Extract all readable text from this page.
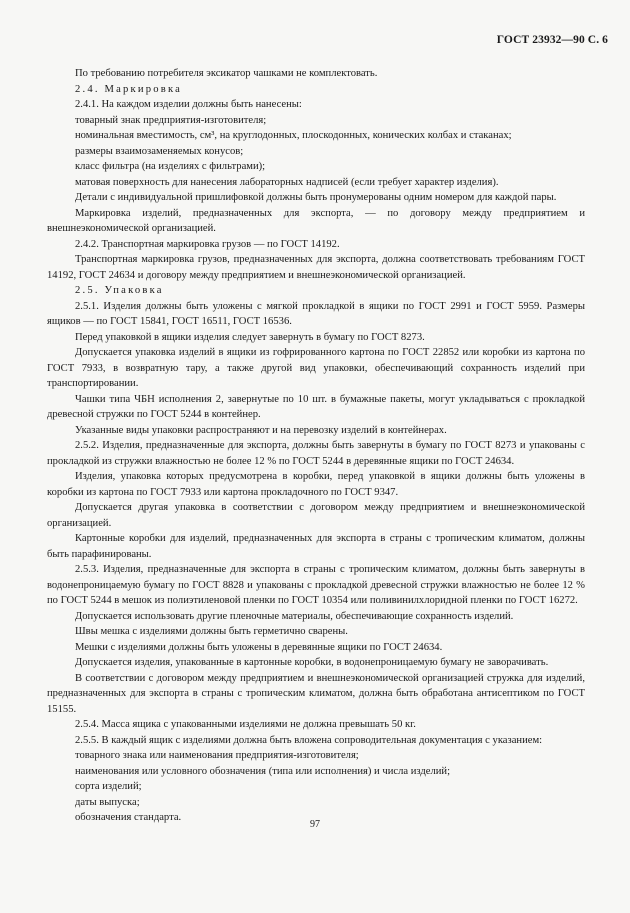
ГОСТ 23932—90 С. 6

По требованию потребителя эксикатор чашками не комплектовать.

2.4. Маркировка

2.4.1. На каждом изделии должны быть нанесены:

товарный знак предприятия-изготовителя;

номинальная вместимость, см³, на круглодонных, плоскодонных, конических колбах и стаканах;

размеры взаимозаменяемых конусов;

класс фильтра (на изделиях с фильтрами);

матовая поверхность для нанесения лабораторных надписей (если требует характер изделия).

Детали с индивидуальной пришлифовкой должны быть пронумерованы одним номером для каждой пары.

Маркировка изделий, предназначенных для экспорта, — по договору между предприятием и внешнеэкономической организацией.

2.4.2. Транспортная маркировка грузов — по ГОСТ 14192.

Транспортная маркировка грузов, предназначенных для экспорта, должна соответствовать требованиям ГОСТ 14192, ГОСТ 24634 и договору между предприятием и внешнеэкономической организацией.

2.5. Упаковка

2.5.1. Изделия должны быть уложены с мягкой прокладкой в ящики по ГОСТ 2991 и ГОСТ 5959. Размеры ящиков — по ГОСТ 15841, ГОСТ 16511, ГОСТ 16536.

Перед упаковкой в ящики изделия следует завернуть в бумагу по ГОСТ 8273.

Допускается упаковка изделий в ящики из гофрированного картона по ГОСТ 22852 или коробки из картона по ГОСТ 7933, в возвратную тару, а также другой вид упаковки, обеспечивающий сохранность изделий при транспортировании.

Чашки типа ЧБН исполнения 2, завернутые по 10 шт. в бумажные пакеты, могут укладываться с прокладкой древесной стружки по ГОСТ 5244 в контейнер.

Указанные виды упаковки распространяют и на перевозку изделий в контейнерах.

2.5.2. Изделия, предназначенные для экспорта, должны быть завернуты в бумагу по ГОСТ 8273 и упакованы с прокладкой из стружки влажностью не более 12 % по ГОСТ 5244 в деревянные ящики по ГОСТ 24634.

Изделия, упаковка которых предусмотрена в коробки, перед упаковкой в ящики должны быть уложены в коробки из картона по ГОСТ 7933 или картона прокладочного по ГОСТ 9347.

Допускается другая упаковка в соответствии с договором между предприятием и внешнеэкономической организацией.

Картонные коробки для изделий, предназначенных для экспорта в страны с тропическим климатом, должны быть парафинированы.

2.5.3. Изделия, предназначенные для экспорта в страны с тропическим климатом, должны быть завернуты в водонепроницаемую бумагу по ГОСТ 8828 и упакованы с прокладкой древесной стружки влажностью не более 12 % по ГОСТ 5244 в мешок из полиэтиленовой пленки по ГОСТ 10354 или поливинилхлоридной пленки по ГОСТ 16272.

Допускается использовать другие пленочные материалы, обеспечивающие сохранность изделий.

Швы мешка с изделиями должны быть герметично сварены.

Мешки с изделиями должны быть уложены в деревянные ящики по ГОСТ 24634.

Допускается изделия, упакованные в картонные коробки, в водонепроницаемую бумагу не заворачивать.

В соответствии с договором между предприятием и внешнеэкономической организацией стружка для изделий, предназначенных для экспорта в страны с тропическим климатом, должна быть обработана антисептиком по ГОСТ 15155.

2.5.4. Масса ящика с упакованными изделиями не должна превышать 50 кг.

2.5.5. В каждый ящик с изделиями должна быть вложена сопроводительная документация с указанием:

товарного знака или наименования предприятия-изготовителя;

наименования или условного обозначения (типа или исполнения) и числа изделий;

сорта изделий;

даты выпуска;

обозначения стандарта.

97
